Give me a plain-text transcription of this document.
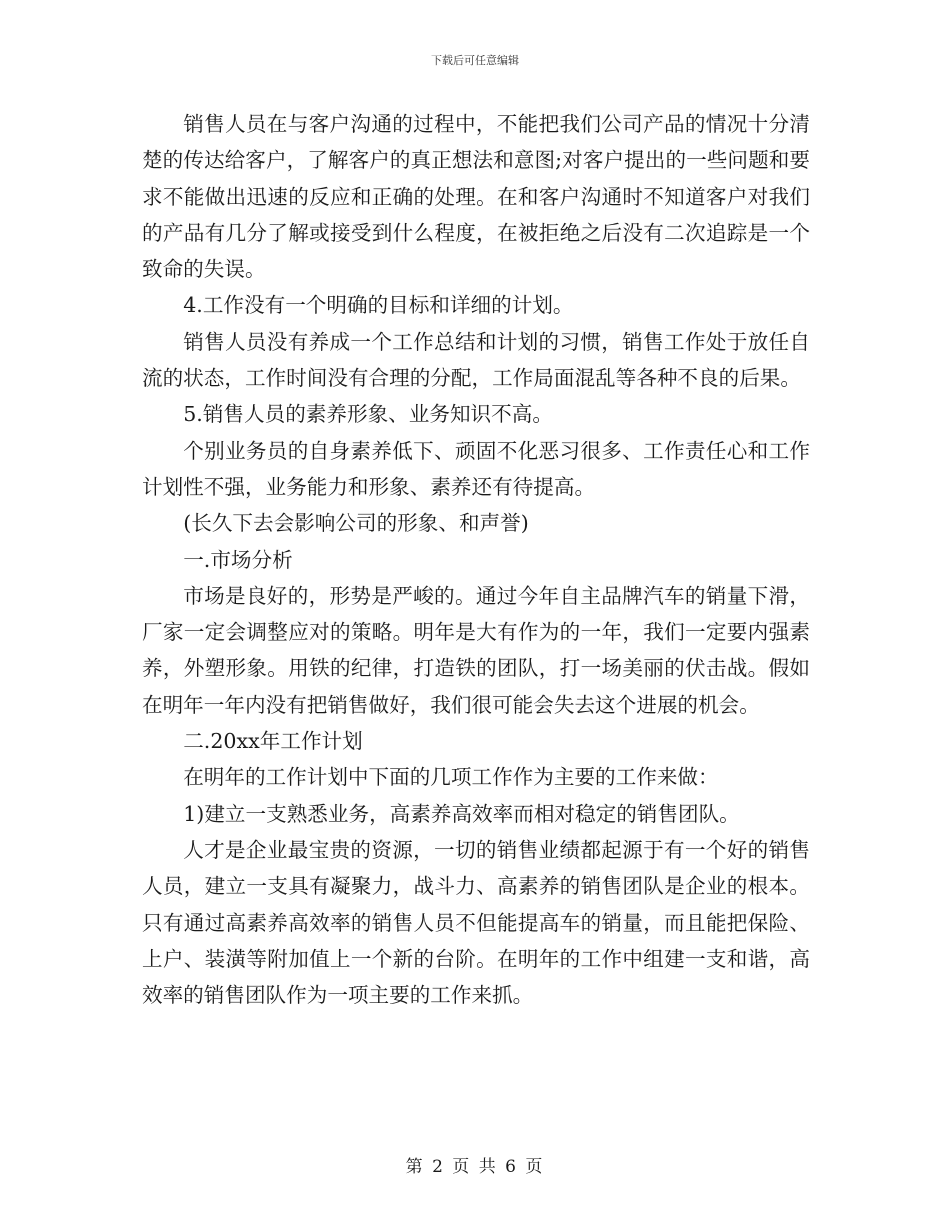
下载后可任意编辑

销售人员在与客户沟通的过程中，不能把我们公司产品的情况十分清楚的传达给客户，了解客户的真正想法和意图;对客户提出的一些问题和要求不能做出迅速的反应和正确的处理。在和客户沟通时不知道客户对我们的产品有几分了解或接受到什么程度，在被拒绝之后没有二次追踪是一个致命的失误。

4.工作没有一个明确的目标和详细的计划。

销售人员没有养成一个工作总结和计划的习惯，销售工作处于放任自流的状态，工作时间没有合理的分配，工作局面混乱等各种不良的后果。

5.销售人员的素养形象、业务知识不高。

个别业务员的自身素养低下、顽固不化恶习很多、工作责任心和工作计划性不强，业务能力和形象、素养还有待提高。

(长久下去会影响公司的形象、和声誉)

一.市场分析

市场是良好的，形势是严峻的。通过今年自主品牌汽车的销量下滑，厂家一定会调整应对的策略。明年是大有作为的一年，我们一定要内强素养，外塑形象。用铁的纪律，打造铁的团队，打一场美丽的伏击战。假如在明年一年内没有把销售做好，我们很可能会失去这个进展的机会。

二.20xx年工作计划

在明年的工作计划中下面的几项工作作为主要的工作来做：

1)建立一支熟悉业务，高素养高效率而相对稳定的销售团队。

人才是企业最宝贵的资源，一切的销售业绩都起源于有一个好的销售人员，建立一支具有凝聚力，战斗力、高素养的销售团队是企业的根本。只有通过高素养高效率的销售人员不但能提高车的销量，而且能把保险、上户、装潢等附加值上一个新的台阶。在明年的工作中组建一支和谐，高效率的销售团队作为一项主要的工作来抓。

第 2 页 共 6 页
